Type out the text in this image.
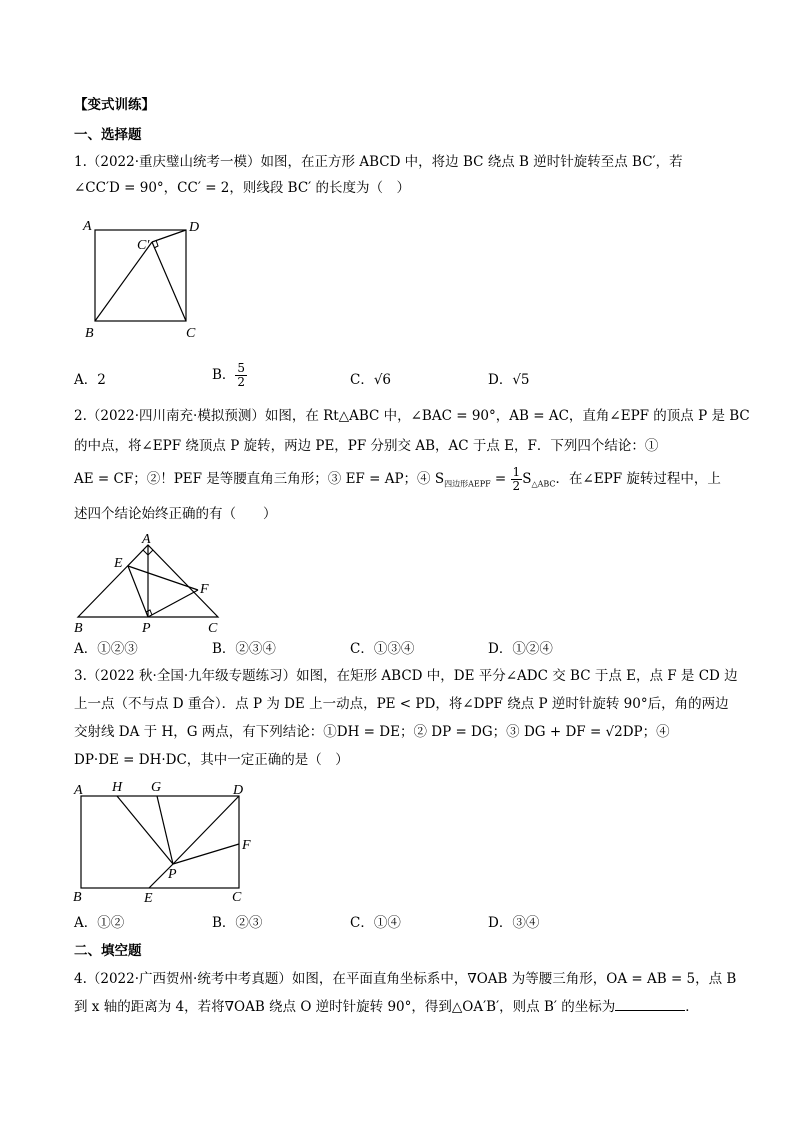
【变式训练】
一、选择题
1.（2022·重庆璧山统考一模）如图，在正方形 ABCD 中，将边 BC 绕点 B 逆时针旋转至点 BC′，若
∠CC′D = 90°，CC′ = 2，则线段 BC′ 的长度为（　）
A	D
B	C
C′
A．2	B． $\frac{5}{2}$	C．√6	D．√5
2.（2022·四川南充·模拟预测）如图，在 Rt△ABC 中，∠BAC = 90°，AB = AC，直角∠EPF 的顶点 P 是 BC
的中点，将∠EPF 绕顶点 P 旋转，两边 PE，PF 分别交 AB，AC 于点 E，F．下列四个结论：①
AE = CF；②！PEF 是等腰直角三角形；③ EF = AP；④ $S_{四边形AEPF} = \frac{1}{2} S_{\triangle ABC}$．在∠EPF 旋转过程中，上
述四个结论始终正确的有（　　）
A
E
F
B	P	C
A．①②③	B．②③④	C．①③④	D．①②④
3.（2022 秋·全国·九年级专题练习）如图，在矩形 ABCD 中，DE 平分∠ADC 交 BC 于点 E，点 F 是 CD 边
上一点（不与点 D 重合）．点 P 为 DE 上一动点，PE < PD，将∠DPF 绕点 P 逆时针旋转 90°后，角的两边
交射线 DA 于 H，G 两点，有下列结论：①DH = DE；② DP = DG；③ DG + DF = √2DP；④
DP·DE = DH·DC，其中一定正确的是（　）
A H G	D
F
P
B	E	C
A．①②	B．②③	C．①④	D．③④
二、填空题
4.（2022·广西贺州·统考中考真题）如图，在平面直角坐标系中，∇OAB 为等腰三角形，OA = AB = 5，点 B
到 x 轴的距离为 4，若将∇OAB 绕点 O 逆时针旋转 90°，得到△OA′B′，则点 B′ 的坐标为	．
